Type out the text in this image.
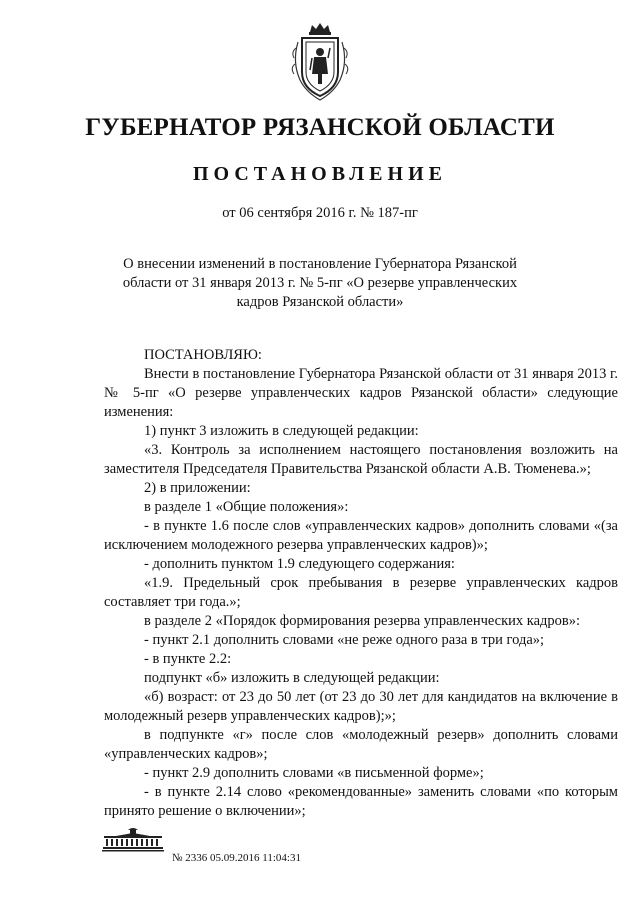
ГУБЕРНАТОР РЯЗАНСКОЙ ОБЛАСТИ
ПОСТАНОВЛЕНИЕ
от 06 сентября 2016 г. № 187-пг
О внесении изменений в постановление Губернатора Рязанской области от 31 января 2013 г. № 5-пг «О резерве управленческих кадров Рязанской области»

ПОСТАНОВЛЯЮ:

Внести в постановление Губернатора Рязанской области от 31 января 2013 г. № 5-пг «О резерве управленческих кадров Рязанской области» следующие изменения:

1) пункт 3 изложить в следующей редакции:

«3. Контроль за исполнением настоящего постановления возложить на заместителя Председателя Правительства Рязанской области А.В. Тюменева.»;

2) в приложении:

в разделе 1 «Общие положения»:

- в пункте 1.6 после слов «управленческих кадров» дополнить словами «(за исключением молодежного резерва управленческих кадров)»;

- дополнить пунктом 1.9 следующего содержания:

«1.9. Предельный срок пребывания в резерве управленческих кадров составляет три года.»;

в разделе 2 «Порядок формирования резерва управленческих кадров»:

- пункт 2.1 дополнить словами «не реже одного раза в три года»;

- в пункте 2.2:

подпункт «б» изложить в следующей редакции:

«б) возраст: от 23 до 50 лет (от 23 до 30 лет для кандидатов на включение в молодежный резерв управленческих кадров);»;

в подпункте «г» после слов «молодежный резерв» дополнить словами «управленческих кадров»;

- пункт 2.9 дополнить словами «в письменной форме»;

- в пункте 2.14 слово «рекомендованные» заменить словами «по которым принято решение о включении»;

№ 2336 05.09.2016 11:04:31
